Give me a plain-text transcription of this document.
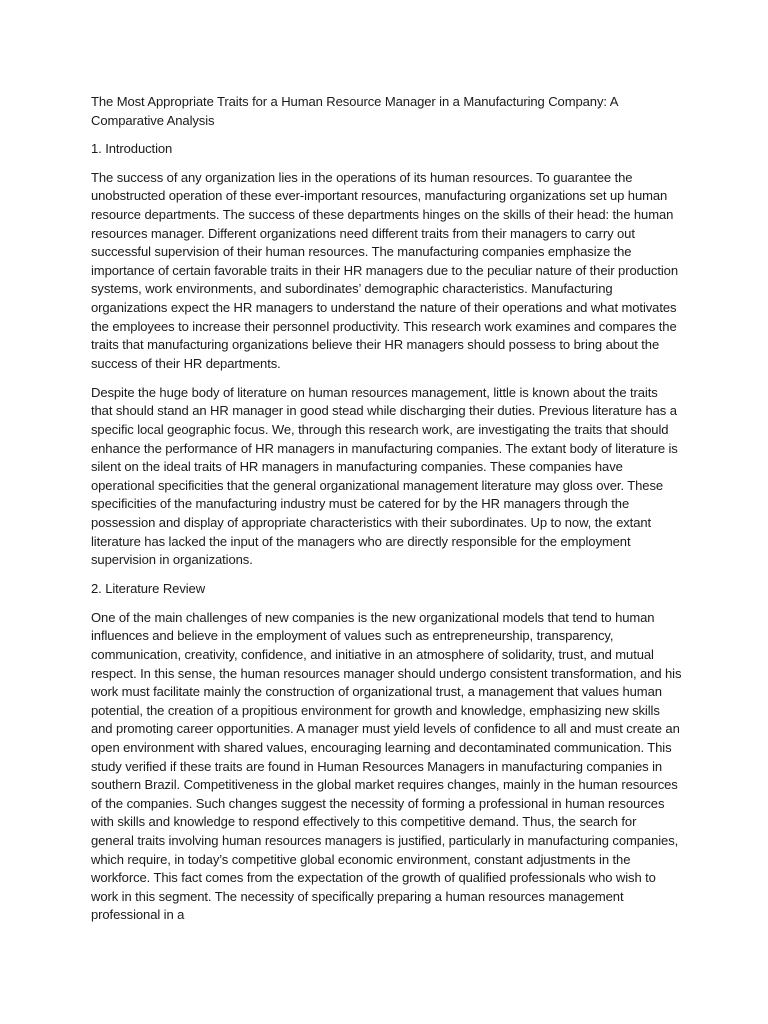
The Most Appropriate Traits for a Human Resource Manager in a Manufacturing Company: A Comparative Analysis

1. Introduction

The success of any organization lies in the operations of its human resources. To guarantee the unobstructed operation of these ever-important resources, manufacturing organizations set up human resource departments. The success of these departments hinges on the skills of their head: the human resources manager. Different organizations need different traits from their managers to carry out successful supervision of their human resources. The manufacturing companies emphasize the importance of certain favorable traits in their HR managers due to the peculiar nature of their production systems, work environments, and subordinates’ demographic characteristics. Manufacturing organizations expect the HR managers to understand the nature of their operations and what motivates the employees to increase their personnel productivity. This research work examines and compares the traits that manufacturing organizations believe their HR managers should possess to bring about the success of their HR departments.

Despite the huge body of literature on human resources management, little is known about the traits that should stand an HR manager in good stead while discharging their duties. Previous literature has a specific local geographic focus. We, through this research work, are investigating the traits that should enhance the performance of HR managers in manufacturing companies. The extant body of literature is silent on the ideal traits of HR managers in manufacturing companies. These companies have operational specificities that the general organizational management literature may gloss over. These specificities of the manufacturing industry must be catered for by the HR managers through the possession and display of appropriate characteristics with their subordinates. Up to now, the extant literature has lacked the input of the managers who are directly responsible for the employment supervision in organizations.

2. Literature Review

One of the main challenges of new companies is the new organizational models that tend to human influences and believe in the employment of values such as entrepreneurship, transparency, communication, creativity, confidence, and initiative in an atmosphere of solidarity, trust, and mutual respect. In this sense, the human resources manager should undergo consistent transformation, and his work must facilitate mainly the construction of organizational trust, a management that values human potential, the creation of a propitious environment for growth and knowledge, emphasizing new skills and promoting career opportunities. A manager must yield levels of confidence to all and must create an open environment with shared values, encouraging learning and decontaminated communication. This study verified if these traits are found in Human Resources Managers in manufacturing companies in southern Brazil. Competitiveness in the global market requires changes, mainly in the human resources of the companies. Such changes suggest the necessity of forming a professional in human resources with skills and knowledge to respond effectively to this competitive demand. Thus, the search for general traits involving human resources managers is justified, particularly in manufacturing companies, which require, in today’s competitive global economic environment, constant adjustments in the workforce. This fact comes from the expectation of the growth of qualified professionals who wish to work in this segment. The necessity of specifically preparing a human resources management professional in a
